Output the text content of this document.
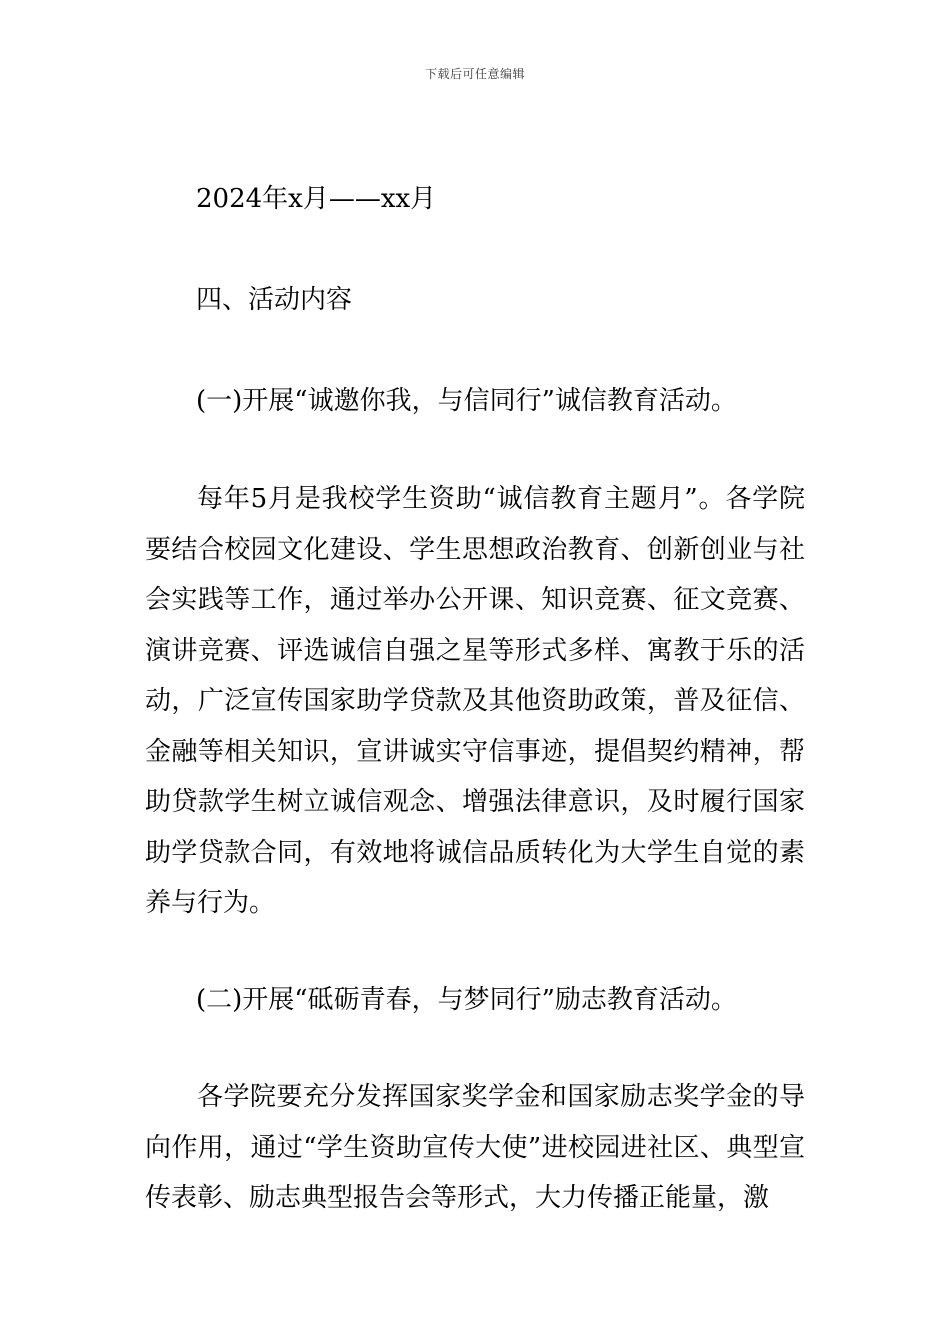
下载后可任意编辑
2024年x月——xx月
四、活动内容
(一)开展“诚邀你我，与信同行”诚信教育活动。

每年5月是我校学生资助“诚信教育主题月”。各学院要结合校园文化建设、学生思想政治教育、创新创业与社会实践等工作，通过举办公开课、知识竞赛、征文竞赛、演讲竞赛、评选诚信自强之星等形式多样、寓教于乐的活动，广泛宣传国家助学贷款及其他资助政策，普及征信、金融等相关知识，宣讲诚实守信事迹，提倡契约精神，帮助贷款学生树立诚信观念、增强法律意识，及时履行国家助学贷款合同，有效地将诚信品质转化为大学生自觉的素养与行为。

(二)开展“砥砺青春，与梦同行”励志教育活动。

各学院要充分发挥国家奖学金和国家励志奖学金的导向作用，通过“学生资助宣传大使”进校园进社区、典型宣传表彰、励志典型报告会等形式，大力传播正能量，激
